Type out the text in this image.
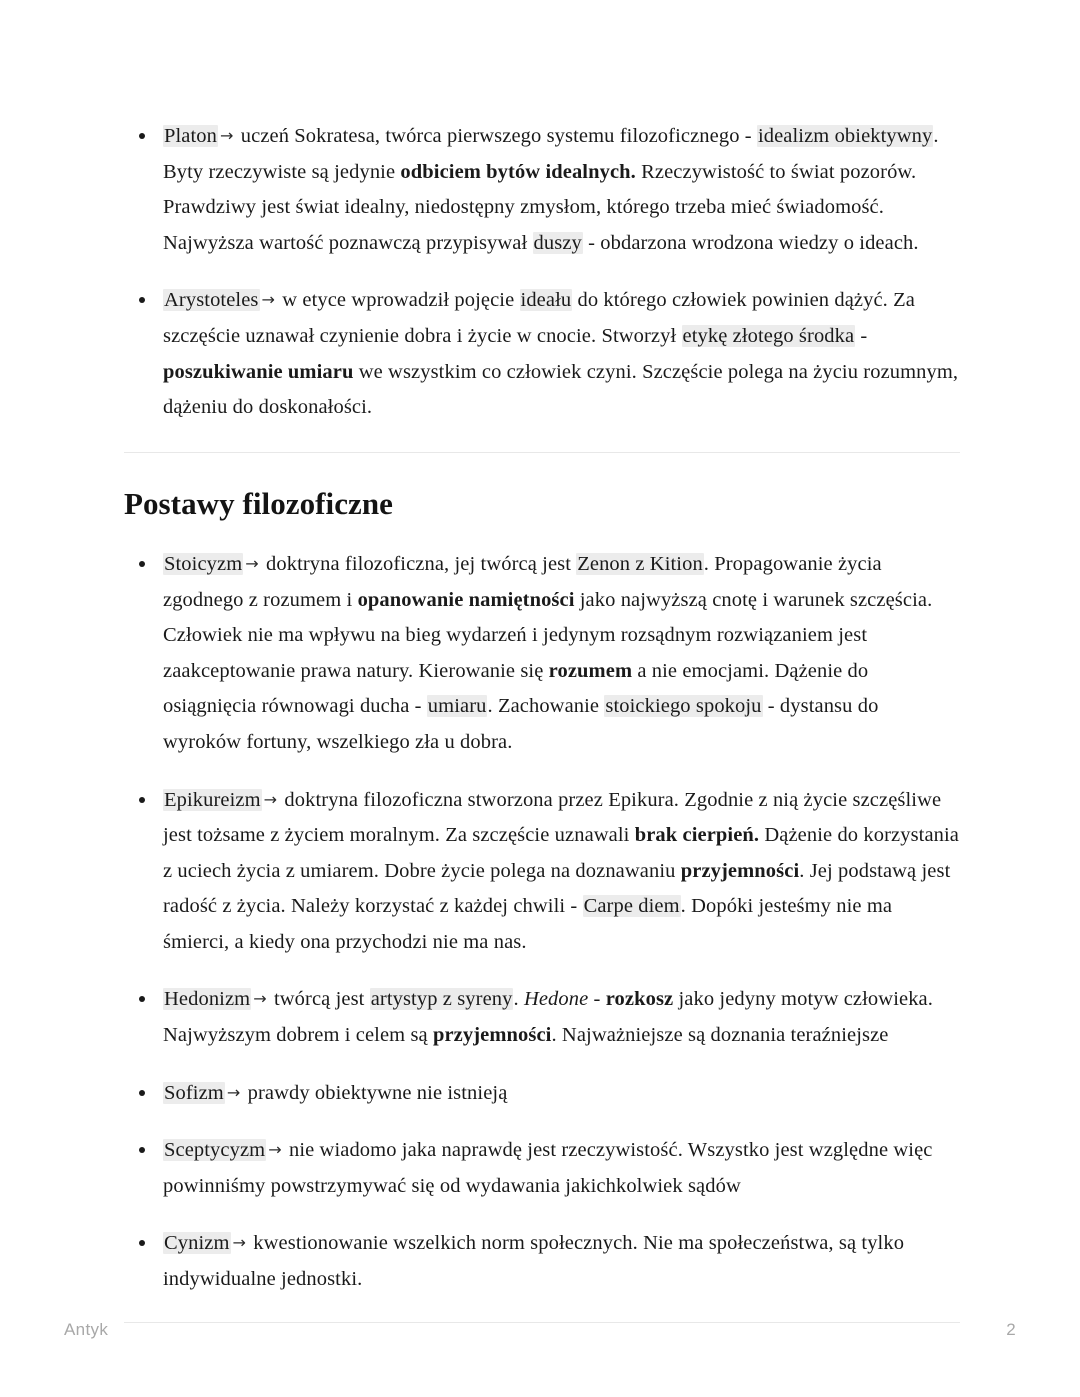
Platon → uczeń Sokratesa, twórca pierwszego systemu filozoficznego - idealizm obiektywny. Byty rzeczywiste są jedynie odbiciem bytów idealnych. Rzeczywistość to świat pozorów. Prawdziwy jest świat idealny, niedostępny zmysłom, którego trzeba mieć świadomość. Najwyższa wartość poznawczą przypisywał duszy - obdarzona wrodzona wiedzy o ideach.
Arystoteles → w etyce wprowadził pojęcie ideału do którego człowiek powinien dążyć. Za szczęście uznawał czynienie dobra i życie w cnocie. Stworzył etykę złotego środka - poszukiwanie umiaru we wszystkim co człowiek czyni. Szczęście polega na życiu rozumnym, dążeniu do doskonałości.
Postawy filozoficzne
Stoicyzm → doktryna filozoficzna, jej twórcą jest Zenon z Kition. Propagowanie życia zgodnego z rozumem i opanowanie namiętności jako najwyższą cnotę i warunek szczęścia. Człowiek nie ma wpływu na bieg wydarzeń i jedynym rozsądnym rozwiązaniem jest zaakceptowanie prawa natury. Kierowanie się rozumem a nie emocjami. Dążenie do osiągnięcia równowagi ducha - umiaru. Zachowanie stoickiego spokoju - dystansu do wyroków fortuny, wszelkiego zła u dobra.
Epikureizm → doktryna filozoficzna stworzona przez Epikura. Zgodnie z nią życie szczęśliwe jest tożsame z życiem moralnym. Za szczęście uznawali brak cierpień. Dążenie do korzystania z uciech życia z umiarem. Dobre życie polega na doznawaniu przyjemności. Jej podstawą jest radość z życia. Należy korzystać z każdej chwili - Carpe diem. Dopóki jesteśmy nie ma śmierci, a kiedy ona przychodzi nie ma nas.
Hedonizm → twórcą jest artystyp z syreny. Hedone - rozkosz jako jedyny motyw człowieka. Najwyższym dobrem i celem są przyjemności. Najważniejsze są doznania teraźniejsze
Sofizm → prawdy obiektywne nie istnieją
Sceptycyzm → nie wiadomo jaka naprawdę jest rzeczywistość. Wszystko jest względne więc powinniśmy powstrzymywać się od wydawania jakichkolwiek sądów
Cynizm → kwestionowanie wszelkich norm społecznych. Nie ma społeczeństwa, są tylko indywidualne jednostki.
Antyk	2
